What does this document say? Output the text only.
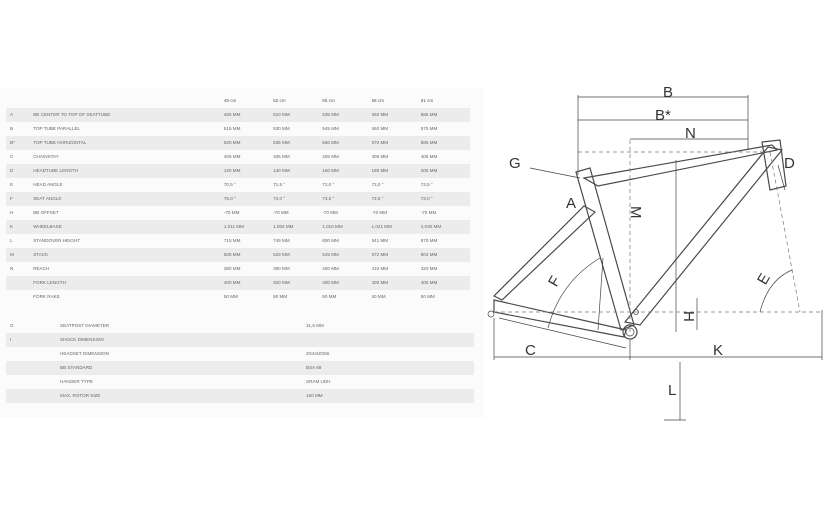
		49 cm	52 cm	55 cm	58 cm	61 cm
A	BB CENTER TO TOP OF SEATTUBE	465 MM	510 MM	535 MM	550 MM	585 MM
B	TOP TUBE PARALLEL	515 MM	530 MM	545 MM	560 MM	575 MM
B*	TOP TUBE HORIZONTAL	520 MM	535 MM	550 MM	570 MM	585 MM
C	CHAINSTAY	405 MM	405 MM	405 MM	405 MM	405 MM
D	HEADTUBE LENGTH	120 MM	140 MM	160 MM	180 MM	200 MM
E	HEAD ANGLE	70,5 °	71,5 °	72,0 °	73,0 °	73,5 °
F	SEAT ANGLE	75,0 °	74,0 °	73,5 °	73,5 °	73,0 °
H	BB OFFSET	-70 MM	-70 MM	-70 MM	-70 MM	-70 MM
K	WHEELBASE	1.011 MM	1.004 MM	1.010 MM	1.021 MM	1.030 MM
L	STANDOVER HEIGHT	715 MM	749 MM	800 MM	841 MM	870 MM
M	STACK	505 MM	523 MM	545 MM	572 MM	604 MM
N	REACH	380 MM	390 MM	400 MM	410 MM	420 MM
	FORK LENGTH	400 MM	400 MM	400 MM	400 MM	400 MM
	FORK RAKE	50 MM	50 MM	50 MM	50 MM	50 MM
G	SEATPOST DIAMETER	31,6 MM
I	SHOCK DIMENSION	
	HEADSET DIMENSION	ZS44/ZS56
	BB STANDARD	BSA 68
	HANGER TYPE	SRAM UDH
	MAX. ROTOR SIZE	160 MM
B
B*
N
G
A
D
M
F	E
H
C	K
L
